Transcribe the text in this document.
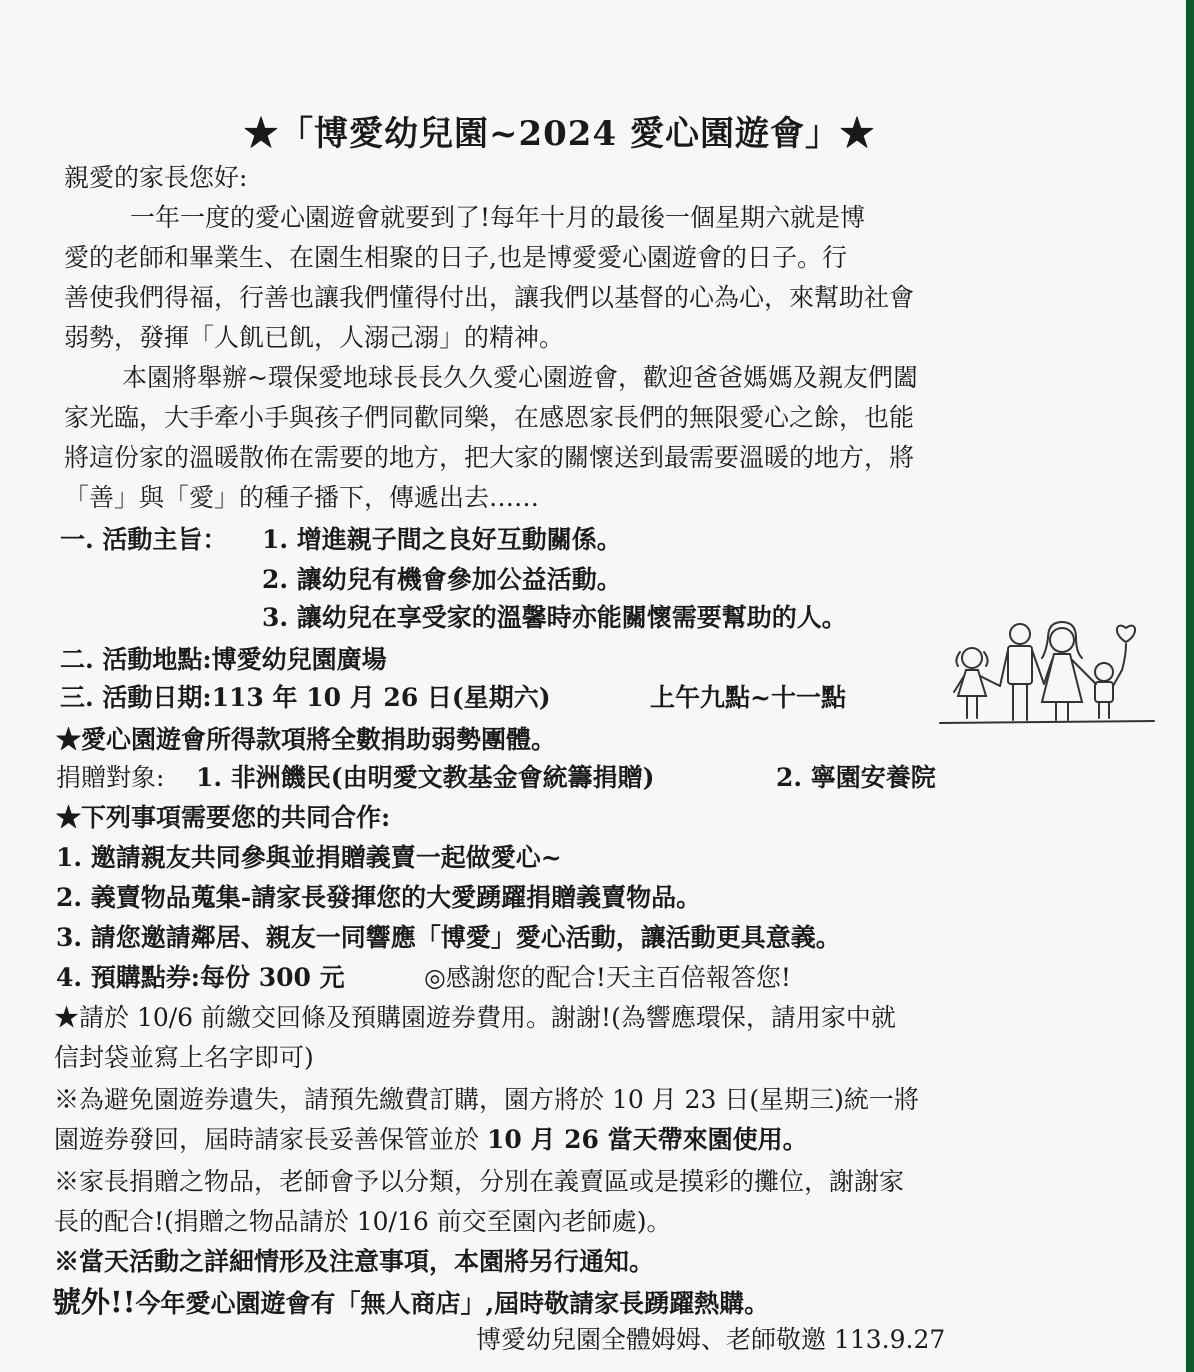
★「博愛幼兒園~2024 愛心園遊會」★
親愛的家長您好:
一年一度的愛心園遊會就要到了!每年十月的最後一個星期六就是博
愛的老師和畢業生、在園生相聚的日子,也是博愛愛心園遊會的日子。行
善使我們得福，行善也讓我們懂得付出，讓我們以基督的心為心，來幫助社會
弱勢，發揮「人飢已飢，人溺己溺」的精神。
本園將舉辦~環保愛地球長長久久愛心園遊會，歡迎爸爸媽媽及親友們闔
家光臨，大手牽小手與孩子們同歡同樂，在感恩家長們的無限愛心之餘，也能
將這份家的溫暖散佈在需要的地方，把大家的關懷送到最需要溫暖的地方，將
「善」與「愛」的種子播下，傳遞出去……
一. 活動主旨： 1. 增進親子間之良好互動關係。
2. 讓幼兒有機會參加公益活動。
3. 讓幼兒在享受家的溫馨時亦能關懷需要幫助的人。
二. 活動地點:博愛幼兒園廣場
三. 活動日期:113 年 10 月 26 日(星期六)	上午九點~十一點
★愛心園遊會所得款項將全數捐助弱勢團體。
捐贈對象: 1. 非洲饑民(由明愛文教基金會統籌捐贈)	2. 寧園安養院
★下列事項需要您的共同合作:
1. 邀請親友共同參與並捐贈義賣一起做愛心~
2. 義賣物品蒐集-請家長發揮您的大愛踴躍捐贈義賣物品。
3. 請您邀請鄰居、親友一同響應「博愛」愛心活動，讓活動更具意義。
4. 預購點券:每份 300 元	◎感謝您的配合!天主百倍報答您!
★請於 10/6 前繳交回條及預購園遊券費用。謝謝!(為響應環保，請用家中就
信封袋並寫上名字即可)
※為避免園遊券遺失，請預先繳費訂購，園方將於 10 月 23 日(星期三)統一將
園遊券發回，屆時請家長妥善保管並於 10 月 26 當天帶來園使用。
※家長捐贈之物品，老師會予以分類，分別在義賣區或是摸彩的攤位，謝謝家
長的配合!(捐贈之物品請於 10/16 前交至園內老師處)。
※當天活動之詳細情形及注意事項，本園將另行通知。
號外!!今年愛心園遊會有「無人商店」,屆時敬請家長踴躍熱購。
博愛幼兒園全體姆姆、老師敬邀 113.9.27
